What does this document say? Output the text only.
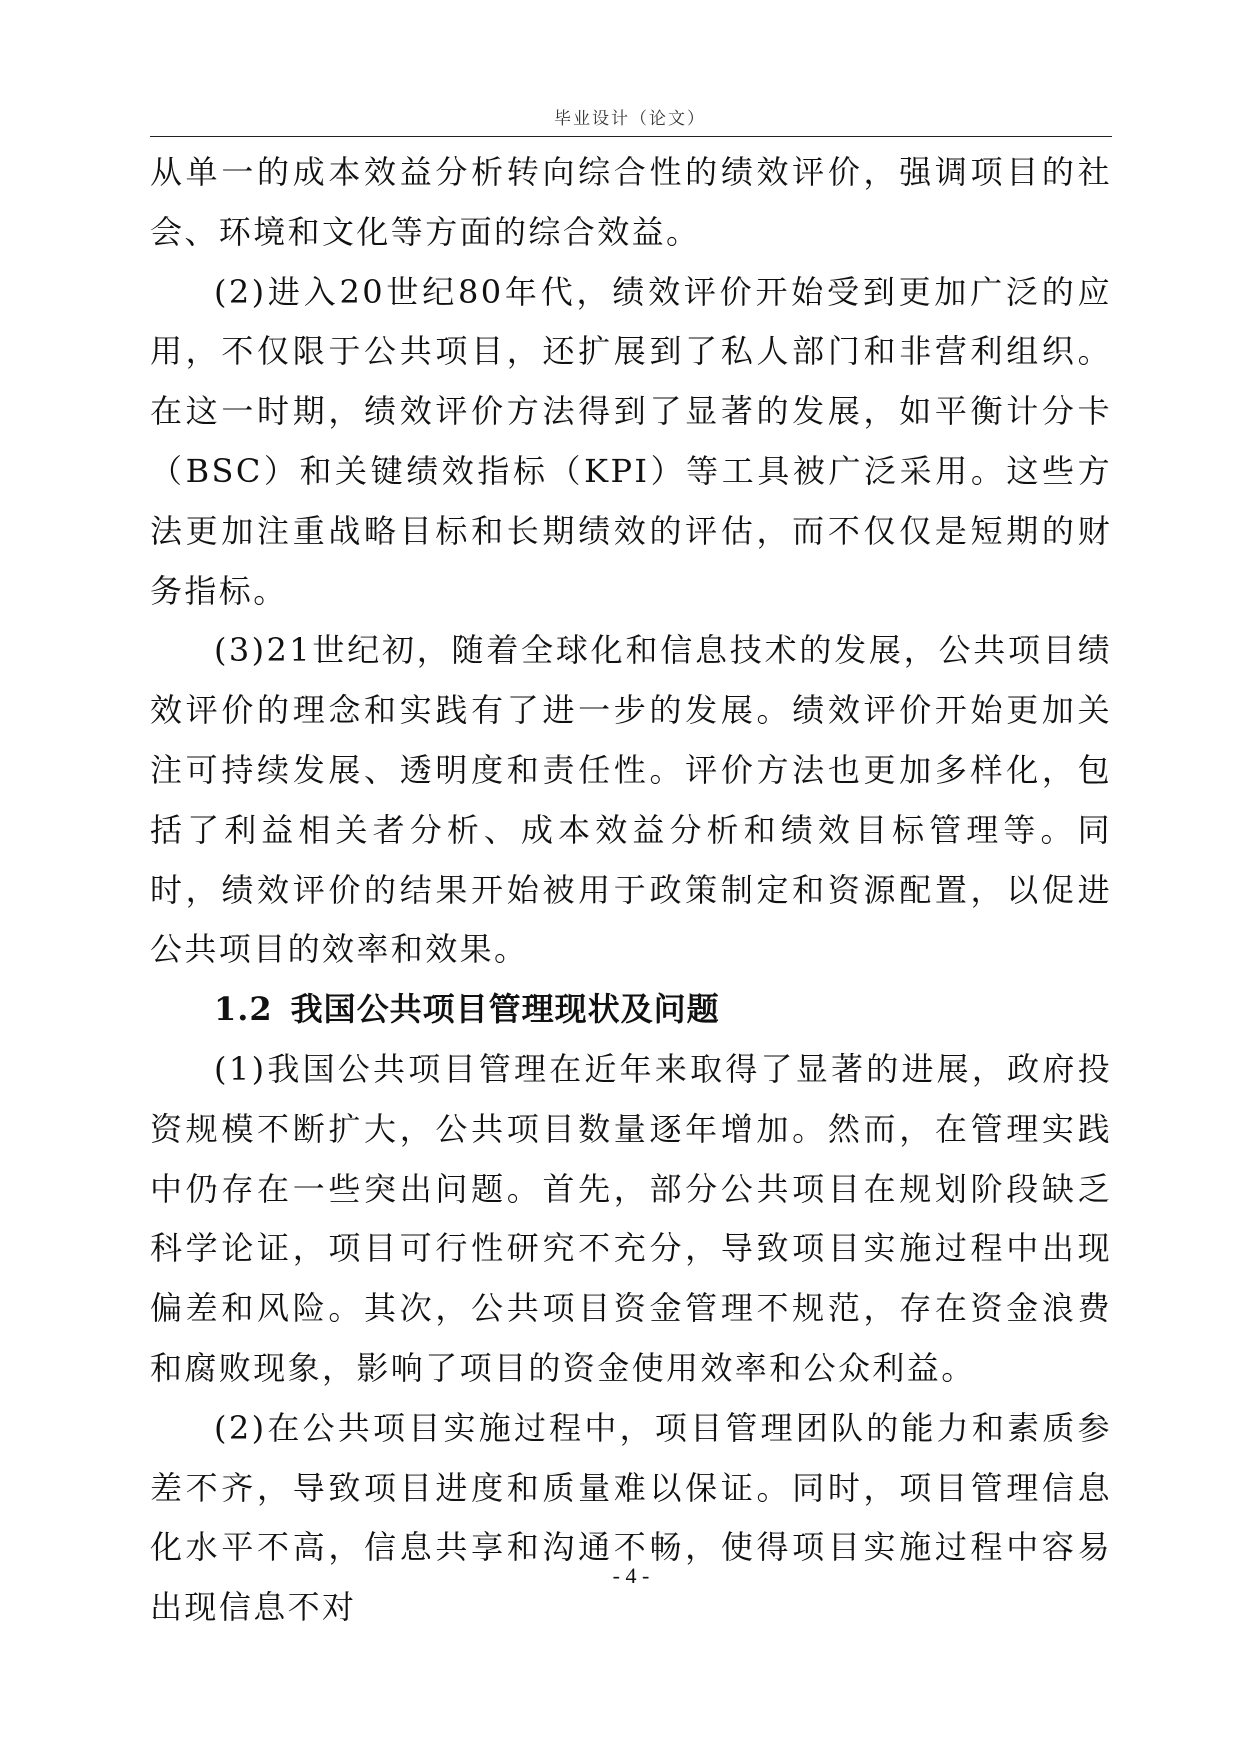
毕业设计（论文）

从单一的成本效益分析转向综合性的绩效评价，强调项目的社会、环境和文化等方面的综合效益。

(2)进入20世纪80年代，绩效评价开始受到更加广泛的应用，不仅限于公共项目，还扩展到了私人部门和非营利组织。在这一时期，绩效评价方法得到了显著的发展，如平衡计分卡（BSC）和关键绩效指标（KPI）等工具被广泛采用。这些方法更加注重战略目标和长期绩效的评估，而不仅仅是短期的财务指标。

(3)21世纪初，随着全球化和信息技术的发展，公共项目绩效评价的理念和实践有了进一步的发展。绩效评价开始更加关注可持续发展、透明度和责任性。评价方法也更加多样化，包括了利益相关者分析、成本效益分析和绩效目标管理等。同时，绩效评价的结果开始被用于政策制定和资源配置，以促进公共项目的效率和效果。

1.2 我国公共项目管理现状及问题

(1)我国公共项目管理在近年来取得了显著的进展，政府投资规模不断扩大，公共项目数量逐年增加。然而，在管理实践中仍存在一些突出问题。首先，部分公共项目在规划阶段缺乏科学论证，项目可行性研究不充分，导致项目实施过程中出现偏差和风险。其次，公共项目资金管理不规范，存在资金浪费和腐败现象，影响了项目的资金使用效率和公众利益。

(2)在公共项目实施过程中，项目管理团队的能力和素质参差不齐，导致项目进度和质量难以保证。同时，项目管理信息化水平不高，信息共享和沟通不畅，使得项目实施过程中容易出现信息不对

- 4 -
